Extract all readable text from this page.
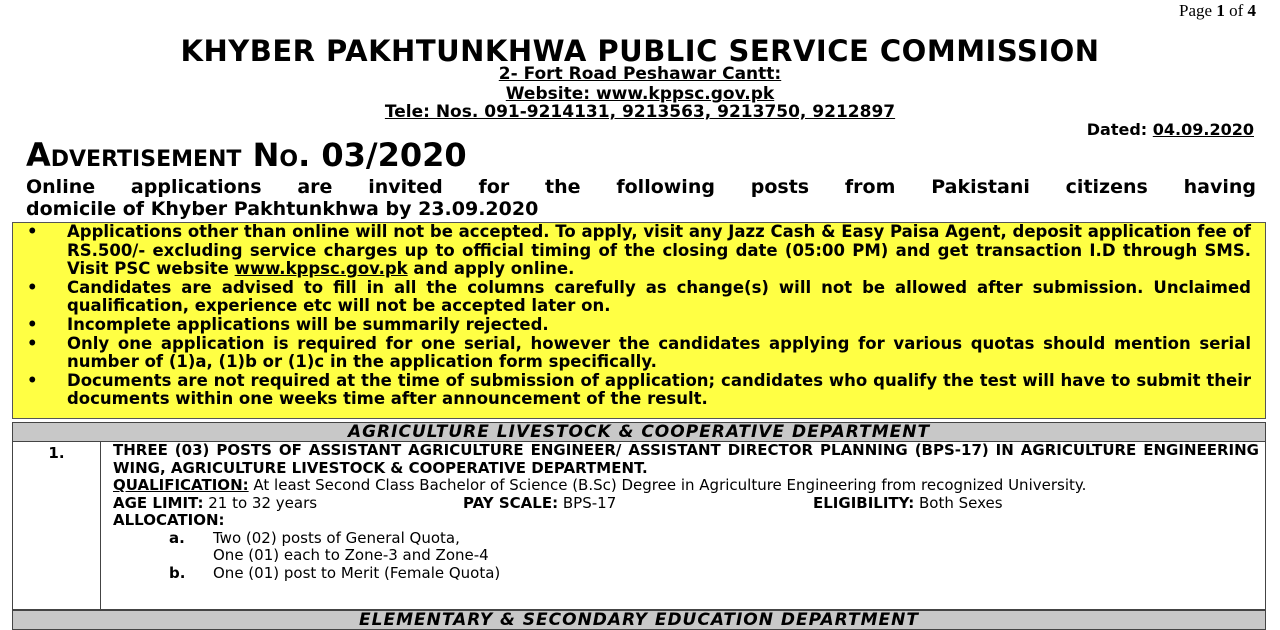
Page 1 of 4
KHYBER PAKHTUNKHWA PUBLIC SERVICE COMMISSION
2- Fort Road Peshawar Cantt:
Website: www.kppsc.gov.pk
Tele: Nos. 091-9214131, 9213563, 9213750, 9212897
Dated: 04.09.2020
Advertisement No. 03/2020
Online applications are invited for the following posts from Pakistani citizens having
domicile of Khyber Pakhtunkhwa by 23.09.2020
• Applications other than online will not be accepted. To apply, visit any Jazz Cash & Easy Paisa Agent, deposit application fee of RS.500/- excluding service charges up to official timing of the closing date (05:00 PM) and get transaction I.D through SMS. Visit PSC website www.kppsc.gov.pk and apply online.
• Candidates are advised to fill in all the columns carefully as change(s) will not be allowed after submission. Unclaimed qualification, experience etc will not be accepted later on.
• Incomplete applications will be summarily rejected.
• Only one application is required for one serial, however the candidates applying for various quotas should mention serial number of (1)a, (1)b or (1)c in the application form specifically.
• Documents are not required at the time of submission of application; candidates who qualify the test will have to submit their documents within one weeks time after announcement of the result.
AGRICULTURE LIVESTOCK & COOPERATIVE DEPARTMENT
1.	THREE (03) POSTS OF ASSISTANT AGRICULTURE ENGINEER/ ASSISTANT DIRECTOR PLANNING (BPS-17) IN AGRICULTURE ENGINEERING WING, AGRICULTURE LIVESTOCK & COOPERATIVE DEPARTMENT.
QUALIFICATION: At least Second Class Bachelor of Science (B.Sc) Degree in Agriculture Engineering from recognized University.
AGE LIMIT: 21 to 32 years	PAY SCALE: BPS-17	ELIGIBILITY: Both Sexes
ALLOCATION:
a. Two (02) posts of General Quota,
One (01) each to Zone-3 and Zone-4
b. One (01) post to Merit (Female Quota)
ELEMENTARY & SECONDARY EDUCATION DEPARTMENT
